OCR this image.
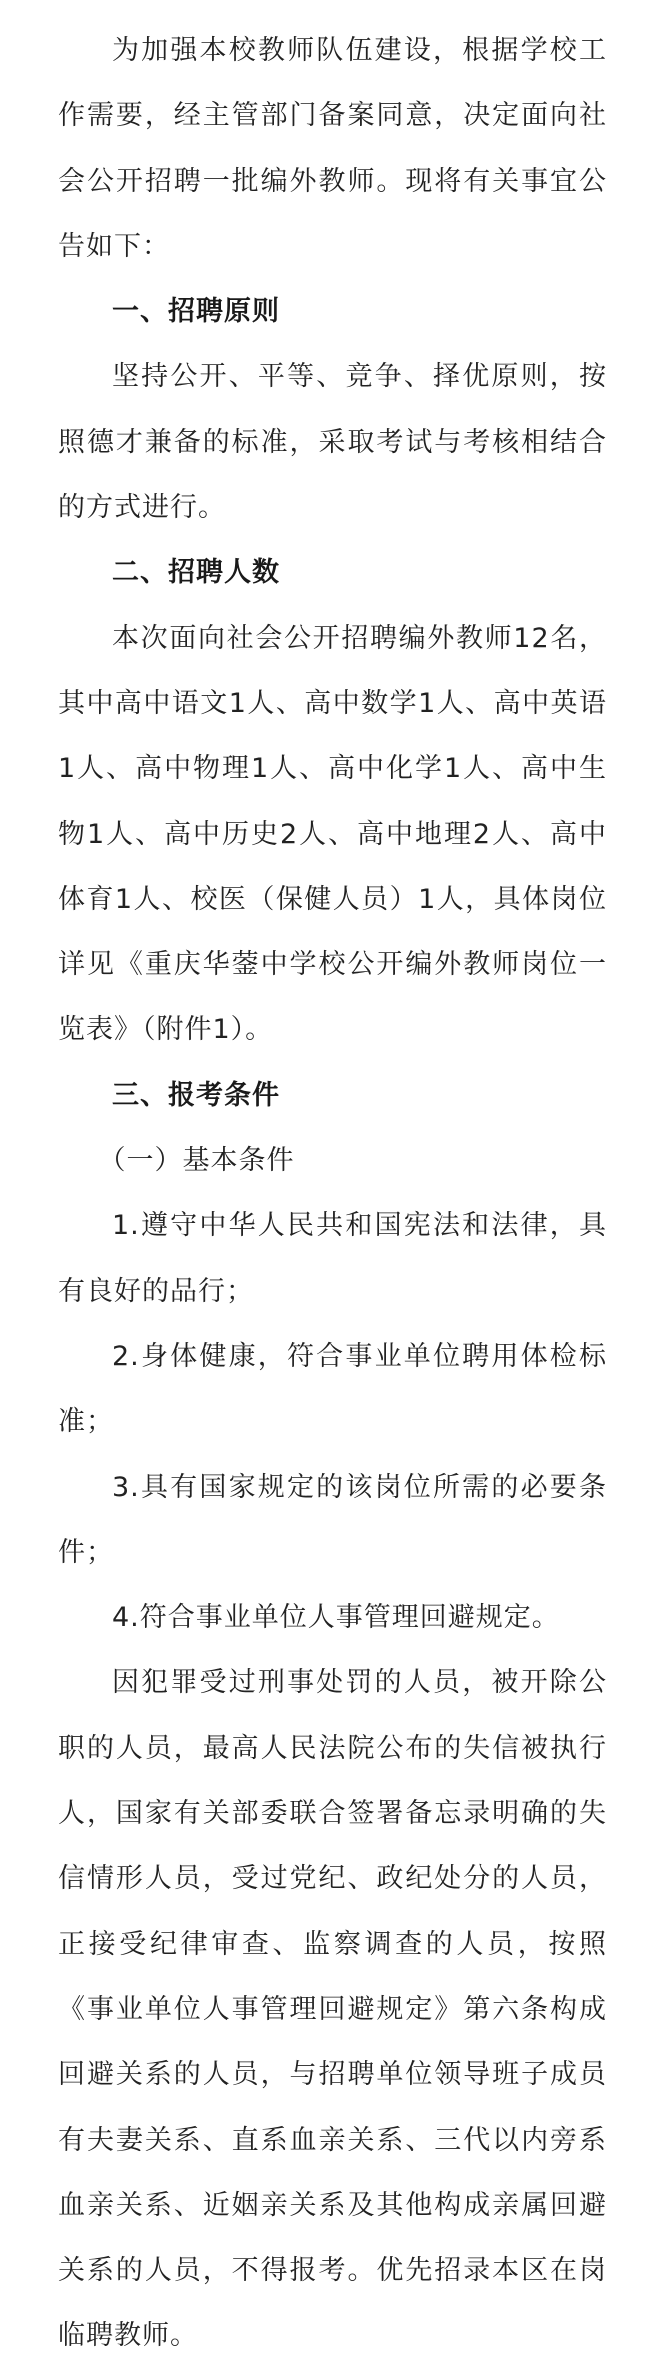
为加强本校教师队伍建设，根据学校工作需要，经主管部门备案同意，决定面向社会公开招聘一批编外教师。现将有关事宜公告如下：

一、招聘原则

坚持公开、平等、竞争、择优原则，按照德才兼备的标准，采取考试与考核相结合的方式进行。

二、招聘人数

本次面向社会公开招聘编外教师12名，其中高中语文1人、高中数学1人、高中英语1人、高中物理1人、高中化学1人、高中生物1人、高中历史2人、高中地理2人、高中体育1人、校医（保健人员）1人，具体岗位详见《重庆华蓥中学校公开编外教师岗位一览表》（附件1）。

三、报考条件

（一）基本条件

1.遵守中华人民共和国宪法和法律，具有良好的品行；

2.身体健康，符合事业单位聘用体检标准；

3.具有国家规定的该岗位所需的必要条件；

4.符合事业单位人事管理回避规定。

因犯罪受过刑事处罚的人员，被开除公职的人员，最高人民法院公布的失信被执行人，国家有关部委联合签署备忘录明确的失信情形人员，受过党纪、政纪处分的人员，正接受纪律审查、监察调查的人员，按照《事业单位人事管理回避规定》第六条构成回避关系的人员，与招聘单位领导班子成员有夫妻关系、直系血亲关系、三代以内旁系血亲关系、近姻亲关系及其他构成亲属回避关系的人员，不得报考。优先招录本区在岗临聘教师。
